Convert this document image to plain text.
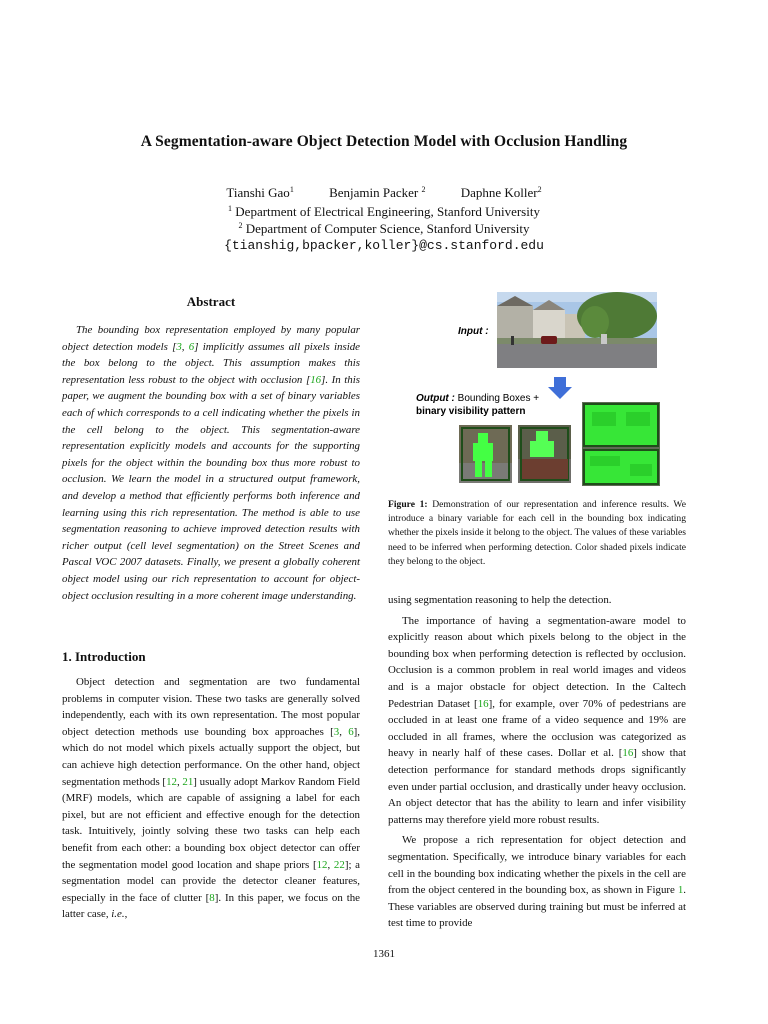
A Segmentation-aware Object Detection Model with Occlusion Handling
Tianshi Gao$^1$	Benjamin Packer $^2$	Daphne Koller$^2$
$^1$ Department of Electrical Engineering, Stanford University
$^2$ Department of Computer Science, Stanford University
{tianshig,bpacker,koller}@cs.stanford.edu
Abstract

The bounding box representation employed by many popular object detection models [3, 6] implicitly assumes all pixels inside the box belong to the object. This assumption makes this representation less robust to the object with occlusion [16]. In this paper, we augment the bounding box with a set of binary variables each of which corresponds to a cell indicating whether the pixels in the cell belong to the object. This segmentation-aware representation explicitly models and accounts for the supporting pixels for the object within the bounding box thus more robust to occlusion. We learn the model in a structured output framework, and develop a method that efficiently performs both inference and learning using this rich representation. The method is able to use segmentation reasoning to achieve improved detection results with richer output (cell level segmentation) on the Street Scenes and Pascal VOC 2007 datasets. Finally, we present a globally coherent object model using our rich representation to account for object-object occlusion resulting in a more coherent image understanding.

1. Introduction

Object detection and segmentation are two fundamental problems in computer vision. These two tasks are generally solved independently, each with its own representation. The most popular object detection methods use bounding box approaches [3, 6], which do not model which pixels actually support the object, but can achieve high detection performance. On the other hand, object segmentation methods [12, 21] usually adopt Markov Random Field (MRF) models, which are capable of assigning a label for each pixel, but are not efficient and effective enough for the detection task. Intuitively, jointly solving these two tasks can help each benefit from each other: a bounding box object detector can offer the segmentation model good location and shape priors [12, 22]; a segmentation model can provide the detector cleaner features, especially in the face of clutter [8]. In this paper, we focus on the latter case, i.e.,

Input :
Output : Bounding Boxes +
binary visibility pattern
Figure 1: Demonstration of our representation and inference results. We introduce a binary variable for each cell in the bounding box indicating whether the pixels inside it belong to the object. The values of these variables need to be inferred when performing detection. Color shaded pixels indicate they belong to the object.

using segmentation reasoning to help the detection.

The importance of having a segmentation-aware model to explicitly reason about which pixels belong to the object in the bounding box when performing detection is reflected by occlusion. Occlusion is a common problem in real world images and videos and is a major obstacle for object detection. In the Caltech Pedestrian Dataset [16], for example, over 70% of pedestrians are occluded in at least one frame of a video sequence and 19% are occluded in all frames, where the occlusion was categorized as heavy in nearly half of these cases. Dollar et al. [16] show that detection performance for standard methods drops significantly even under partial occlusion, and drastically under heavy occlusion. An object detector that has the ability to learn and infer visibility patterns may therefore yield more robust results.

We propose a rich representation for object detection and segmentation. Specifically, we introduce binary variables for each cell in the bounding box indicating whether the pixels in the cell are from the object centered in the bounding box, as shown in Figure 1. These variables are observed during training but must be inferred at test time to provide

1361
